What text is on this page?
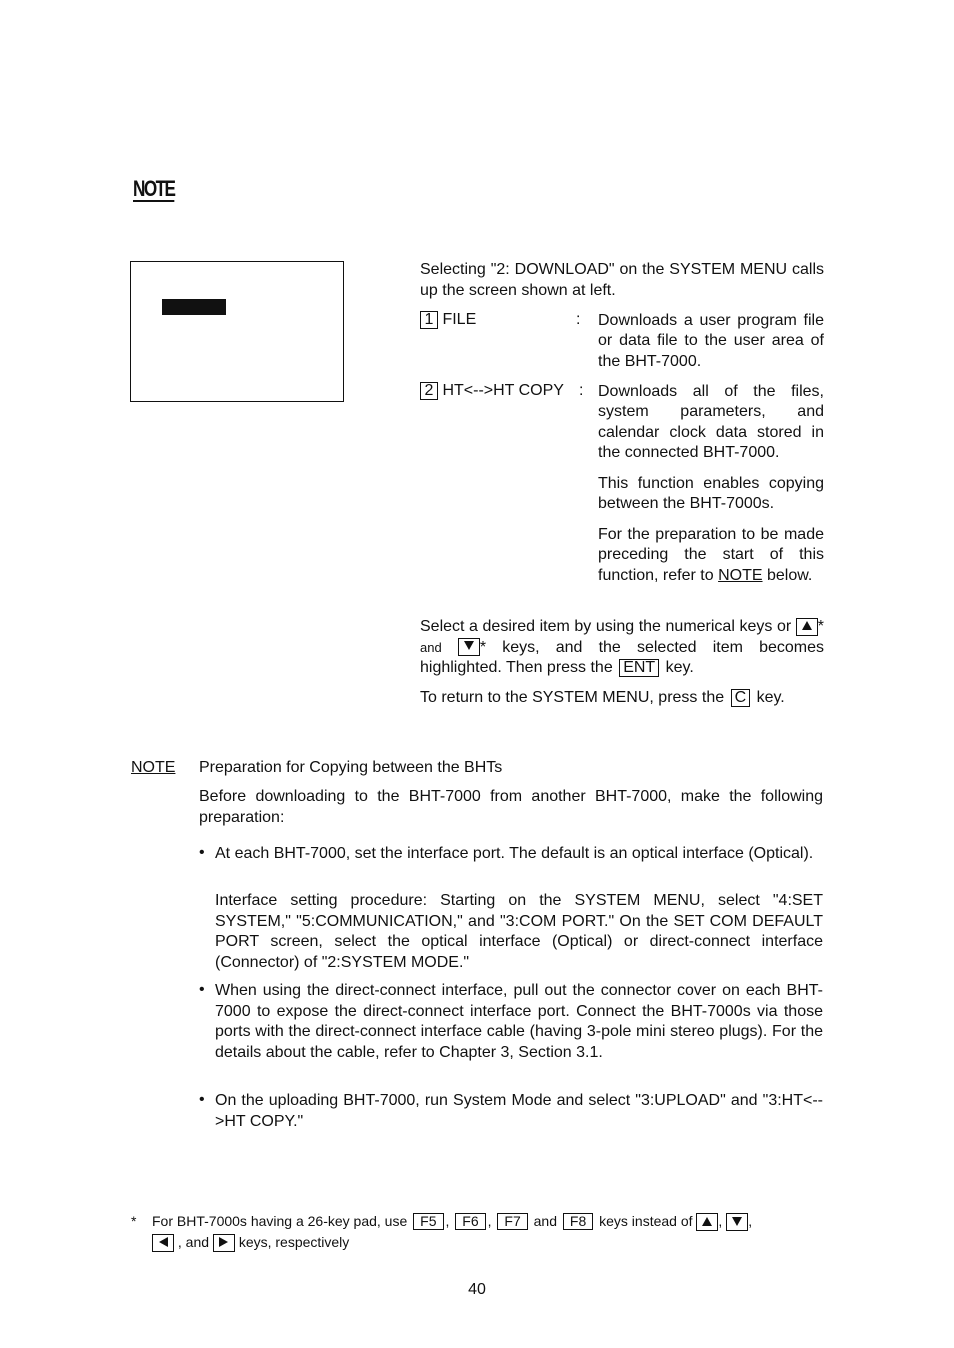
NOTE
Selecting "2: DOWNLOAD" on the SYSTEM MENU calls up the screen shown at left.
1 FILE	: Downloads a user program file or data file to the user area of the BHT-7000.
2 HT<-->HT COPY : Downloads all of the files, system parameters, and calendar clock data stored in the connected BHT-7000.
This function enables copying between the BHT-7000s.
For the preparation to be made preceding the start of this function, refer to NOTE below.
Select a desired item by using the numerical keys or * and * keys, and the selected item becomes highlighted. Then press the ENT key.
To return to the SYSTEM MENU, press the C key.
NOTE Preparation for Copying between the BHTs
Before downloading to the BHT-7000 from another BHT-7000, make the following preparation:
• At each BHT-7000, set the interface port. The default is an optical interface (Optical).
Interface setting procedure: Starting on the SYSTEM MENU, select "4:SET SYSTEM," "5:COMMUNICATION," and "3:COM PORT." On the SET COM DEFAULT PORT screen, select the optical interface (Optical) or direct-connect interface (Connector) of "2:SYSTEM MODE."
• When using the direct-connect interface, pull out the connector cover on each BHT-7000 to expose the direct-connect interface port. Connect the BHT-7000s via those ports with the direct-connect interface cable (having 3-pole mini stereo plugs). For the details about the cable, refer to Chapter 3, Section 3.1.
• On the uploading BHT-7000, run System Mode and select "3:UPLOAD" and "3:HT<-->HT COPY."
* For BHT-7000s having a 26-key pad, use F5 , F6 , F7 and F8 keys instead of , ,
, and keys, respectively
40
